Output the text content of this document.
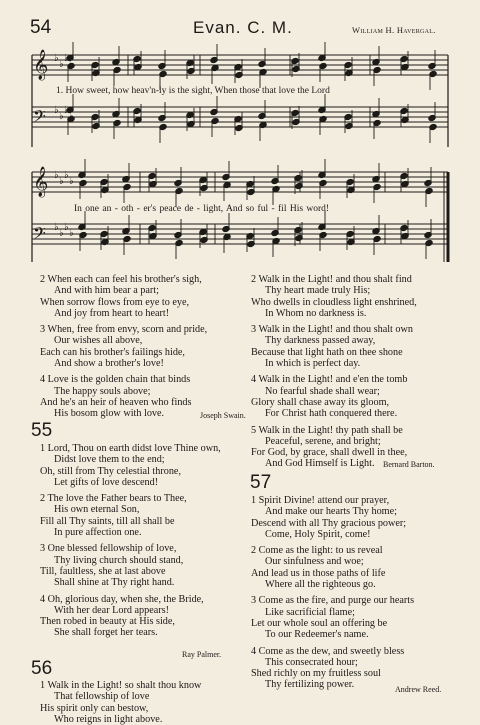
54	Evan. C. M.	William H. Havergal.
𝄞 ♭
♭
♭
♭
𝄢 ♭
♭
♭
♭
𝄞 ♭
♭
♭
♭
𝄢 ♭
♭
♭
♭
1. How sweet, how heav'n-ly is the sight, When those that love the Lord
In one an - oth - er's peace de - light, And so ful - fil His word!
2 When each can feel his brother's sigh,
And with him bear a part;
When sorrow flows from eye to eye,
And joy from heart to heart!
3 When, free from envy, scorn and pride,
Our wishes all above,
Each can his brother's failings hide,
And show a brother's love!
4 Love is the golden chain that binds
The happy souls above;
And he's an heir of heaven who finds
His bosom glow with love.	Joseph Swain.
55
1 Lord, Thou on earth didst love Thine own,
Didst love them to the end;
Oh, still from Thy celestial throne,
Let gifts of love descend!
2 The love the Father bears to Thee,
His own eternal Son,
Fill all Thy saints, till all shall be
In pure affection one.
3 One blessed fellowship of love,
Thy living church should stand,
Till, faultless, she at last above
Shall shine at Thy right hand.
4 Oh, glorious day, when she, the Bride,
With her dear Lord appears!
Then robed in beauty at His side,
She shall forget her tears.
Ray Palmer.
56
1 Walk in the Light! so shalt thou know
That fellowship of love
His spirit only can bestow,
Who reigns in light above.
2 Walk in the Light! and thou shalt find
Thy heart made truly His;
Who dwells in cloudless light enshrined,
In Whom no darkness is.
3 Walk in the Light! and thou shalt own
Thy darkness passed away,
Because that light hath on thee shone
In which is perfect day.
4 Walk in the Light! and e'en the tomb
No fearful shade shall wear;
Glory shall chase away its gloom,
For Christ hath conquered there.
5 Walk in the Light! thy path shall be
Peaceful, serene, and bright;
For God, by grace, shall dwell in thee,
And God Himself is Light.	Bernard Barton.
57
1 Spirit Divine! attend our prayer,
And make our hearts Thy home;
Descend with all Thy gracious power;
Come, Holy Spirit, come!
2 Come as the light: to us reveal
Our sinfulness and woe;
And lead us in those paths of life
Where all the righteous go.
3 Come as the fire, and purge our hearts
Like sacrificial flame;
Let our whole soul an offering be
To our Redeemer's name.
4 Come as the dew, and sweetly bless
This consecrated hour;
Shed richly on my fruitless soul
Thy fertilizing power.	Andrew Reed.
